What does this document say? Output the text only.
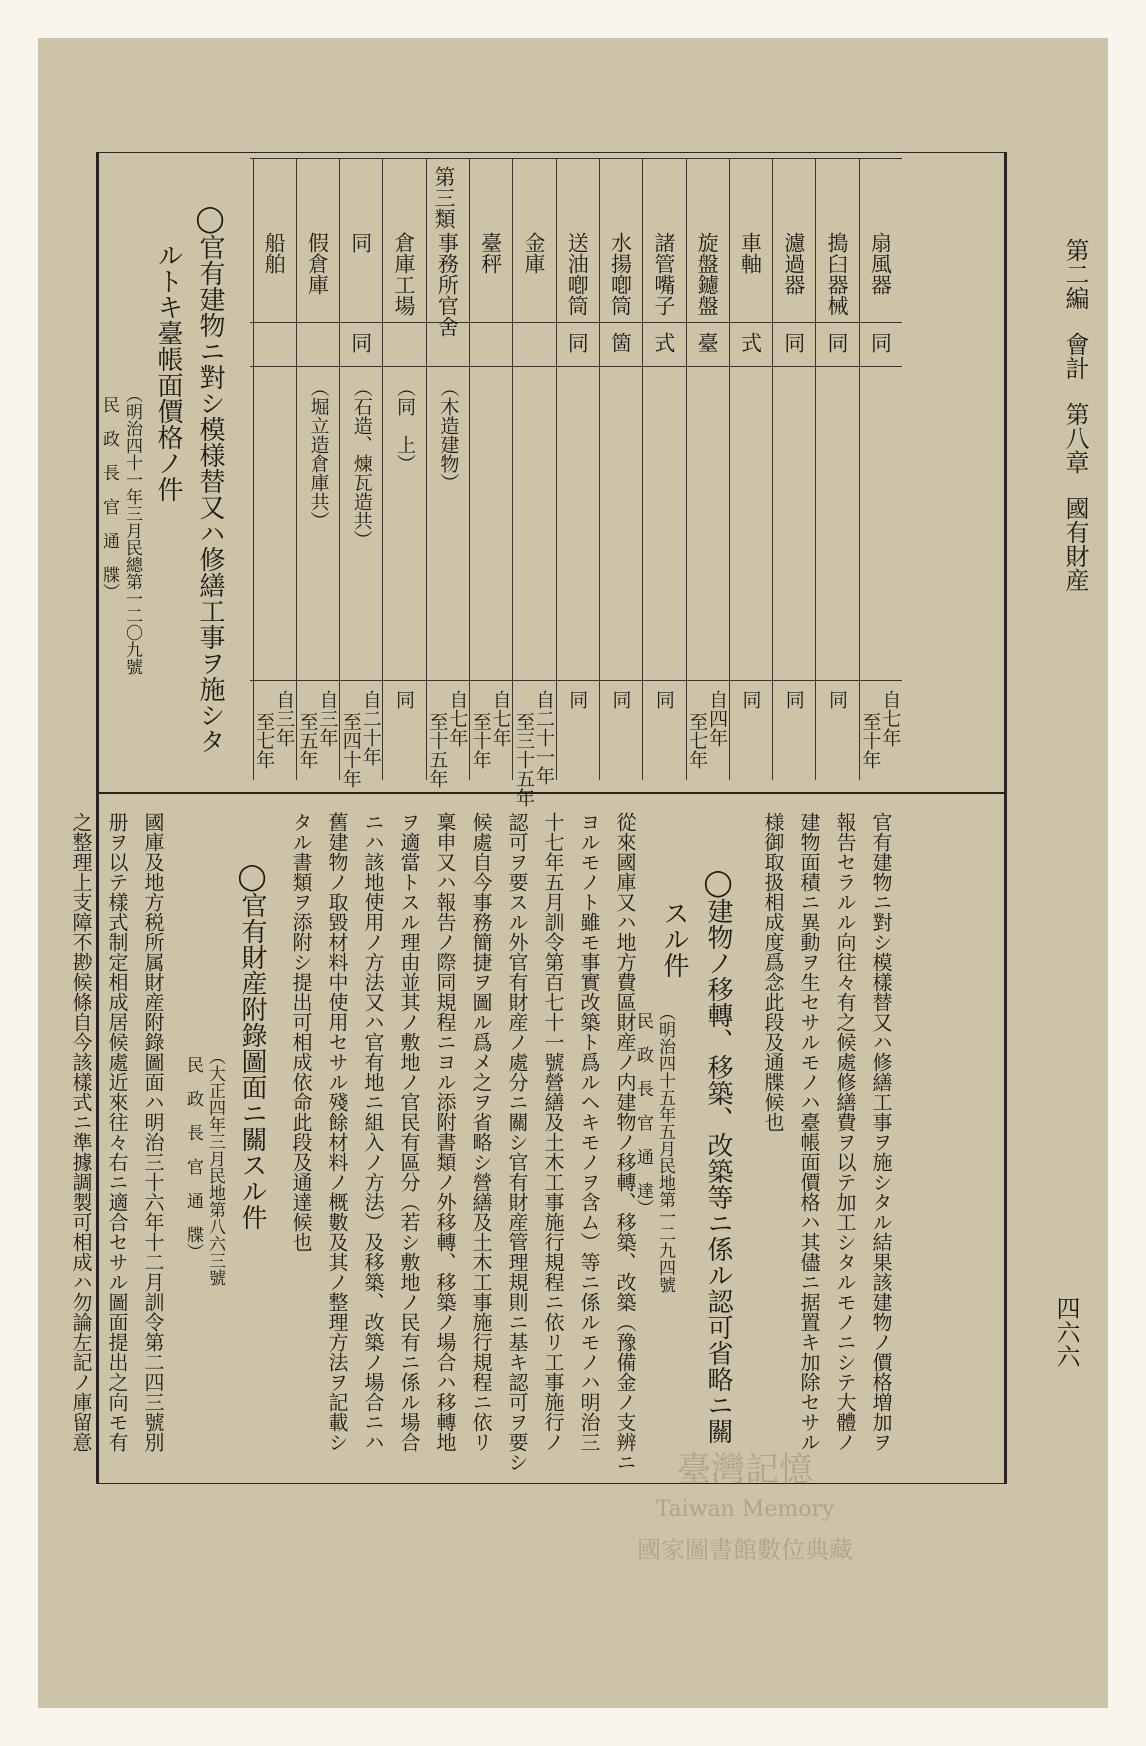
第二編會計第八章國有財産
四六六
扇風器
同
自七年
至十年
搗臼器械
同
同
濾過器
同
同
車軸
式
同
旋盤鑢盤
臺
自四年
至七年
諸管嘴子
式
同
水揚喞筒
箇
同
送油喞筒
同
同
金庫
自二十一年
至三十五年
臺秤
自七年
至十年
事務所官舍
（木造建物）
自七年
至十五年
倉庫工場
（同　上）
同
同
同
（石造、煉瓦造共）
自二十年
至四十年
假倉庫
（堀立造倉庫共）
自三年
至五年
船舶
自三年
至七年
第三類
◯官有建物ニ對シ模様替又ハ修繕工事ヲ施シタ
ルトキ臺帳面價格ノ件
（明治四十一年三月民總第一二〇九號
民　政　長　官　通　牒）
官有建物ニ對シ模樣替又ハ修繕工事ヲ施シタル結果該建物ノ價格増加ヲ
報告セラルル向往々有之候處修繕費ヲ以テ加工シタルモノニシテ大體ノ
建物面積ニ異動ヲ生セサルモノハ臺帳面價格ハ其儘ニ据置キ加除セサル
様御取扱相成度爲念此段及通牒候也
◯建物ノ移轉、移築、改築等ニ係ル認可省略ニ關
スル件
（明治四十五年五月民地第一二九四號
民　政　長　官　通　達）
從來國庫又ハ地方費區財産ノ内建物ノ移轉、移築、改築（豫備金ノ支辨ニ
ヨルモノト雖モ事實改築ト爲ルヘキモノヲ含ム）等ニ係ルモノハ明治三
十七年五月訓令第百七十一號營繕及土木工事施行規程ニ依リ工事施行ノ
認可ヲ要スル外官有財産ノ處分ニ關シ官有財産管理規則ニ基キ認可ヲ要シ
候處自今事務簡捷ヲ圖ル爲メ之ヲ省略シ營繕及土木工事施行規程ニ依リ
稟申又ハ報告ノ際同規程ニヨル添附書類ノ外移轉、移築ノ場合ハ移轉地
ヲ適當トスル理由並其ノ敷地ノ官民有區分（若シ敷地ノ民有ニ係ル場合
ニハ該地使用ノ方法又ハ官有地ニ組入ノ方法）及移築、改築ノ場合ニハ
舊建物ノ取毀材料中使用セサル殘餘材料ノ概數及其ノ整理方法ヲ記載シ
タル書類ヲ添附シ提出可相成依命此段及通達候也
◯官有財産附錄圖面ニ關スル件
（大正四年三月民地第八六三號
民　政　長　官　通　牒）
國庫及地方税所属財産附錄圖面ハ明治三十六年十二月訓令第二四三號別
册ヲ以テ樣式制定相成居候處近來往々右ニ適合セサル圖面提出之向モ有
之整理上支障不尠候條自今該樣式ニ準據調製可相成ハ勿論左記ノ庫留意
臺灣記憶
Taiwan Memory
國家圖書館數位典藏
